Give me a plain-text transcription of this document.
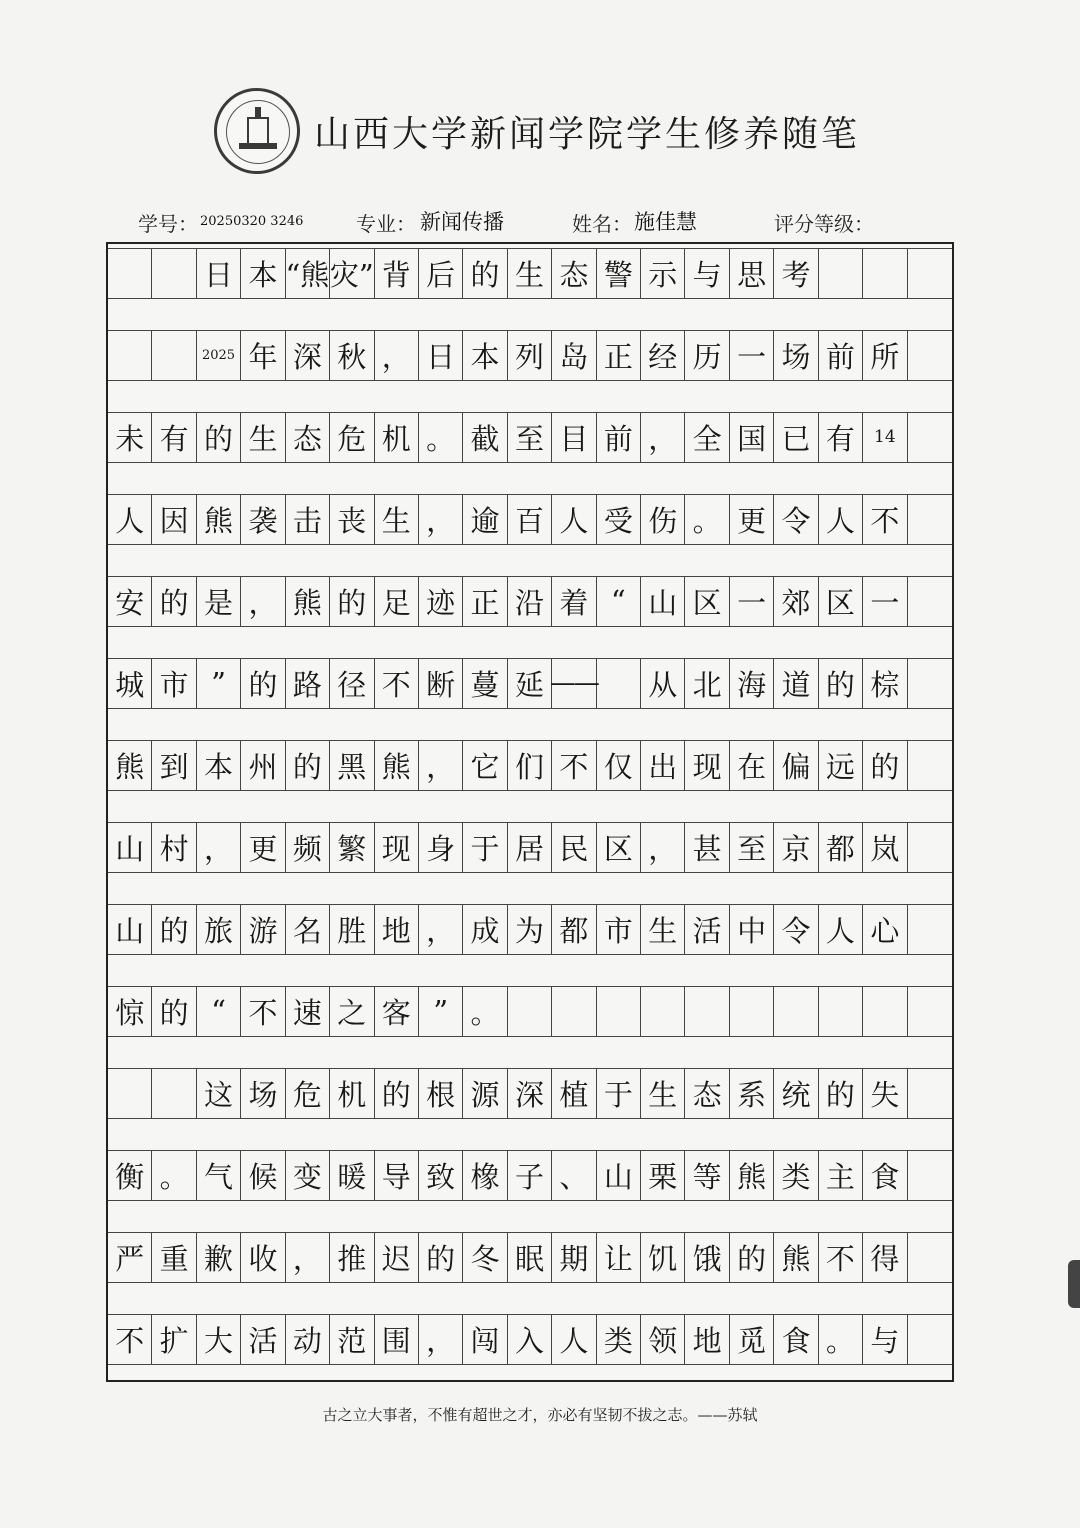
山西大学新闻学院学生修养随笔
学号： 20250320 3246	专业： 新闻传播	姓名： 施佳慧	评分等级：
日 本 “熊 灾” 背 后 的 生 态 警 示 与 思 考
2025 年 深 秋 ， 日 本 列 岛 正 经 历 一 场 前 所
未 有 的 生 态 危 机 。 截 至 目 前 ， 全 国 已 有	14
人 因 熊 袭 击 丧 生 ， 逾 百 人 受 伤 。 更 令 人 不
安 的 是 ， 熊 的 足 迹 正 沿 着 “ 山 区 一 郊 区 一
城 市 ” 的 路 径 不 断 蔓 延 —— 从 北 海 道 的 棕
熊 到 本 州 的 黑 熊 ， 它 们 不 仅 出 现 在 偏 远 的
山 村 ， 更 频 繁 现 身 于 居 民 区 ， 甚 至 京 都 岚
山 的 旅 游 名 胜 地 ， 成 为 都 市 生 活 中 令 人 心
惊 的 “ 不 速 之 客 ” 。
这 场 危 机 的 根 源 深 植 于 生 态 系 统 的 失
衡 。 气 候 变 暖 导 致 橡 子 、 山 栗 等 熊 类 主 食
严 重 歉 收 ， 推 迟 的 冬 眠 期 让 饥 饿 的 熊 不 得
不 扩 大 活 动 范 围 ， 闯 入 人 类 领 地 觅 食 。 与
古之立大事者，不惟有超世之才，亦必有坚韧不拔之志。——苏轼
